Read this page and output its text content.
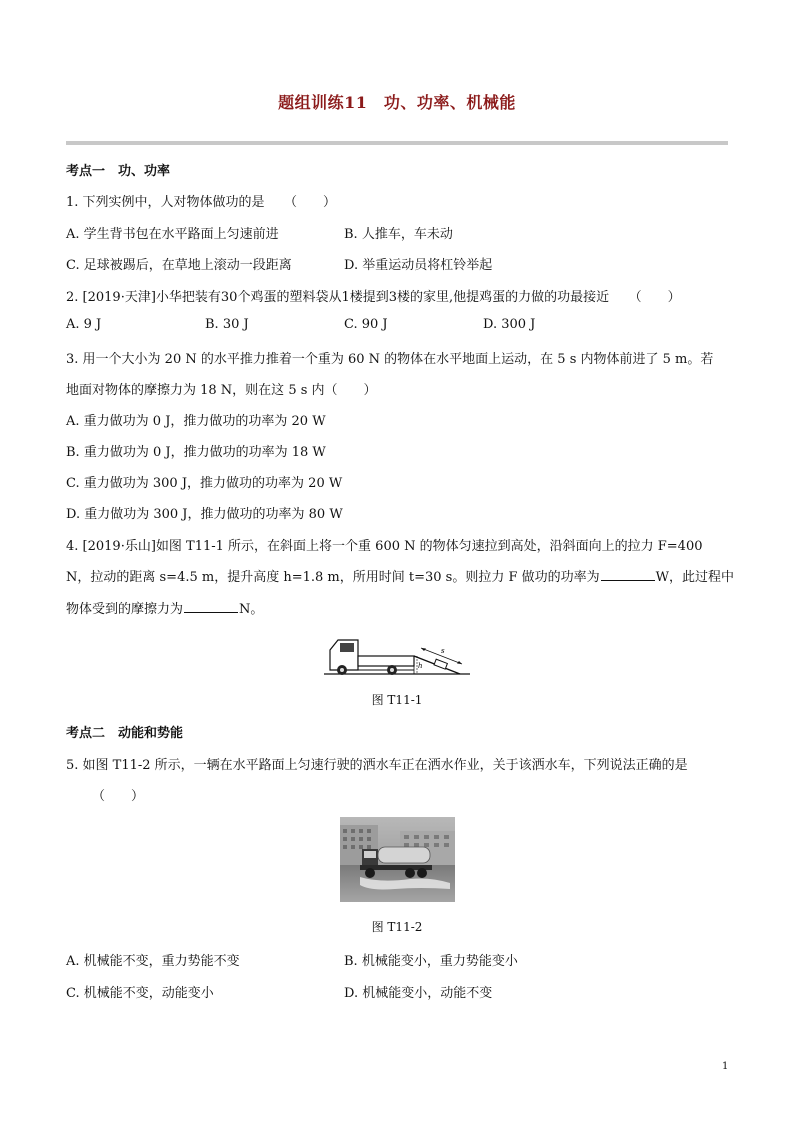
题组训练11　功、功率、机械能
考点一　功、功率
1. 下列实例中，人对物体做功的是　　（　　）
A. 学生背书包在水平路面上匀速前进	B. 人推车，车未动
C. 足球被踢后，在草地上滚动一段距离	D. 举重运动员将杠铃举起
2. [2019·天津]小华把装有30个鸡蛋的塑料袋从1楼提到3楼的家里,他提鸡蛋的力做的功最接近　　（　　）
A. 9 J	B. 30 J	C. 90 J	D. 300 J
3. 用一个大小为 20 N 的水平推力推着一个重为 60 N 的物体在水平地面上运动，在 5 s 内物体前进了 5 m。若
地面对物体的摩擦力为 18 N，则在这 5 s 内（　　）
A. 重力做功为 0 J，推力做功的功率为 20 W
B. 重力做功为 0 J，推力做功的功率为 18 W
C. 重力做功为 300 J，推力做功的功率为 20 W
D. 重力做功为 300 J，推力做功的功率为 80 W
4. [2019·乐山]如图 T11-1 所示，在斜面上将一个重 600 N 的物体匀速拉到高处，沿斜面向上的拉力 F=400
N，拉动的距离 s=4.5 m，提升高度 h=1.8 m，所用时间 t=30 s。则拉力 F 做功的功率为	W，此过程中
物体受到的摩擦力为	N。
s
h
图 T11-1
考点二　动能和势能
5. 如图 T11-2 所示，一辆在水平路面上匀速行驶的洒水车正在洒水作业，关于该洒水车，下列说法正确的是
（　　）
图 T11-2
A. 机械能不变，重力势能不变	B. 机械能变小，重力势能变小
C. 机械能不变，动能变小	D. 机械能变小，动能不变
1
